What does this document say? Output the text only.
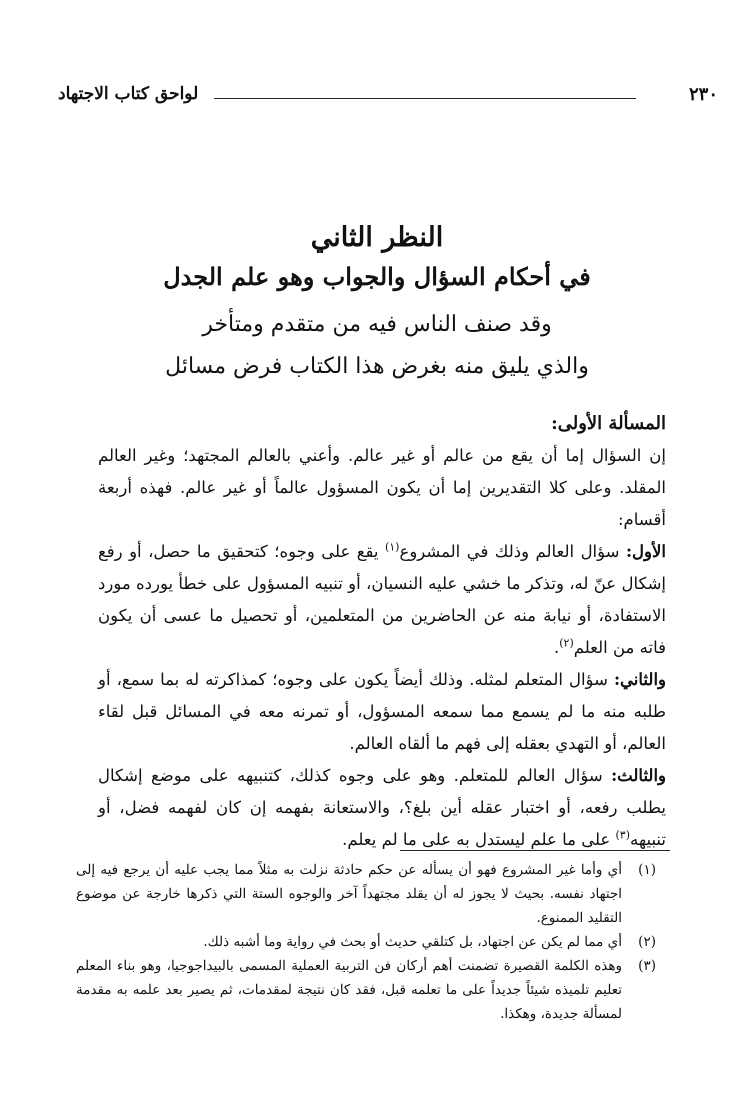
٢٣٠
لواحق كتاب الاجتهاد
النظر الثاني
في أحكام السؤال والجواب وهو علم الجدل
وقد صنف الناس فيه من متقدم ومتأخر
والذي يليق منه بغرض هذا الكتاب فرض مسائل

المسألة الأولى:

إن السؤال إما أن يقع من عالم أو غير عالم. وأعني بالعالم المجتهد؛ وغير العالم المقلد. وعلى كلا التقديرين إما أن يكون المسؤول عالماً أو غير عالم. فهذه أربعة أقسام:

الأول: سؤال العالم وذلك في المشروع$^{(١)}$ يقع على وجوه؛ كتحقيق ما حصل، أو رفع إشكال عنّ له، وتذكر ما خشي عليه النسيان، أو تنبيه المسؤول على خطأ يورده مورد الاستفادة، أو نيابة منه عن الحاضرين من المتعلمين، أو تحصيل ما عسى أن يكون فاته من العلم$^{(٢)}$.

والثاني: سؤال المتعلم لمثله. وذلك أيضاً يكون على وجوه؛ كمذاكرته له بما سمع، أو طلبه منه ما لم يسمع مما سمعه المسؤول، أو تمرنه معه في المسائل قبل لقاء العالم، أو التهدي بعقله إلى فهم ما ألقاه العالم.

والثالث: سؤال العالم للمتعلم. وهو على وجوه كذلك، كتنبيهه على موضع إشكال يطلب رفعه، أو اختبار عقله أين بلغ؟، والاستعانة بفهمه إن كان لفهمه فضل، أو تنبيهه$^{(٣)}$ على ما علم ليستدل به على ما لم يعلم.

(١)
أي وأما غير المشروع فهو أن يسأله عن حكم حادثة نزلت به مثلاً مما يجب عليه أن يرجع فيه إلى اجتهاد نفسه. بحيث لا يجوز له أن يقلد مجتهداً آخر والوجوه الستة التي ذكرها خارجة عن موضوع التقليد الممنوع.

(٢)
أي مما لم يكن عن اجتهاد، بل كتلقي حديث أو بحث في رواية وما أشبه ذلك.

(٣)
وهذه الكلمة القصيرة تضمنت أهم أركان فن التربية العملية المسمى بالبيداجوجيا، وهو بناء المعلم تعليم تلميذه شيئاً جديداً على ما تعلمه قبل، فقد كان نتيجة لمقدمات، ثم يصير بعد علمه به مقدمة لمسألة جديدة، وهكذا.
